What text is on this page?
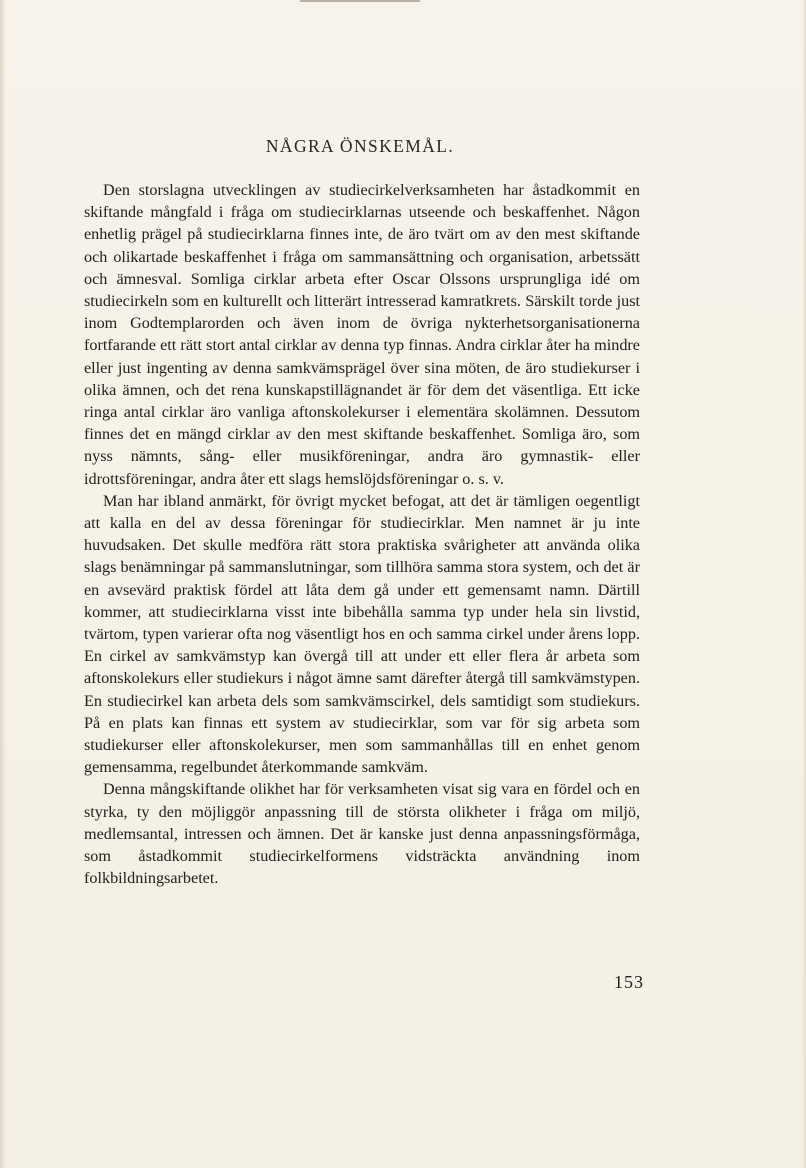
NÅGRA ÖNSKEMÅL.

Den storslagna utvecklingen av studiecirkelverksamheten har åstadkommit en skiftande mångfald i fråga om studiecirklarnas utseende och beskaffenhet. Någon enhetlig prägel på studiecirklarna finnes inte, de äro tvärt om av den mest skiftande och olikartade beskaffenhet i fråga om sammansättning och organisation, arbetssätt och ämnesval. Somliga cirklar arbeta efter Oscar Olssons ursprungliga idé om studiecirkeln som en kulturellt och litterärt intresserad kamratkrets. Särskilt torde just inom Godtemplarorden och även inom de övriga nykterhetsorganisationerna fortfarande ett rätt stort antal cirklar av denna typ finnas. Andra cirklar åter ha mindre eller just ingenting av denna samkvämsprägel över sina möten, de äro studiekurser i olika ämnen, och det rena kunskapstillägnandet är för dem det väsentliga. Ett icke ringa antal cirklar äro vanliga aftonskolekurser i elementära skolämnen. Dessutom finnes det en mängd cirklar av den mest skiftande beskaffenhet. Somliga äro, som nyss nämnts, sång- eller musikföreningar, andra äro gymnastik- eller idrottsföreningar, andra åter ett slags hemslöjdsföreningar o. s. v.

Man har ibland anmärkt, för övrigt mycket befogat, att det är tämligen oegentligt att kalla en del av dessa föreningar för studiecirklar. Men namnet är ju inte huvudsaken. Det skulle medföra rätt stora praktiska svårigheter att använda olika slags benämningar på sammanslutningar, som tillhöra samma stora system, och det är en avsevärd praktisk fördel att låta dem gå under ett gemensamt namn. Därtill kommer, att studiecirklarna visst inte bibehålla samma typ under hela sin livstid, tvärtom, typen varierar ofta nog väsentligt hos en och samma cirkel under årens lopp. En cirkel av samkvämstyp kan övergå till att under ett eller flera år arbeta som aftonskolekurs eller studiekurs i något ämne samt därefter återgå till samkvämstypen. En studiecirkel kan arbeta dels som samkvämscirkel, dels samtidigt som studiekurs. På en plats kan finnas ett system av studiecirklar, som var för sig arbeta som studiekurser eller aftonskolekurser, men som sammanhållas till en enhet genom gemensamma, regelbundet återkommande samkväm.

Denna mångskiftande olikhet har för verksamheten visat sig vara en fördel och en styrka, ty den möjliggör anpassning till de största olikheter i fråga om miljö, medlemsantal, intressen och ämnen. Det är kanske just denna anpassningsförmåga, som åstadkommit studiecirkelformens vidsträckta användning inom folkbildningsarbetet.

153
